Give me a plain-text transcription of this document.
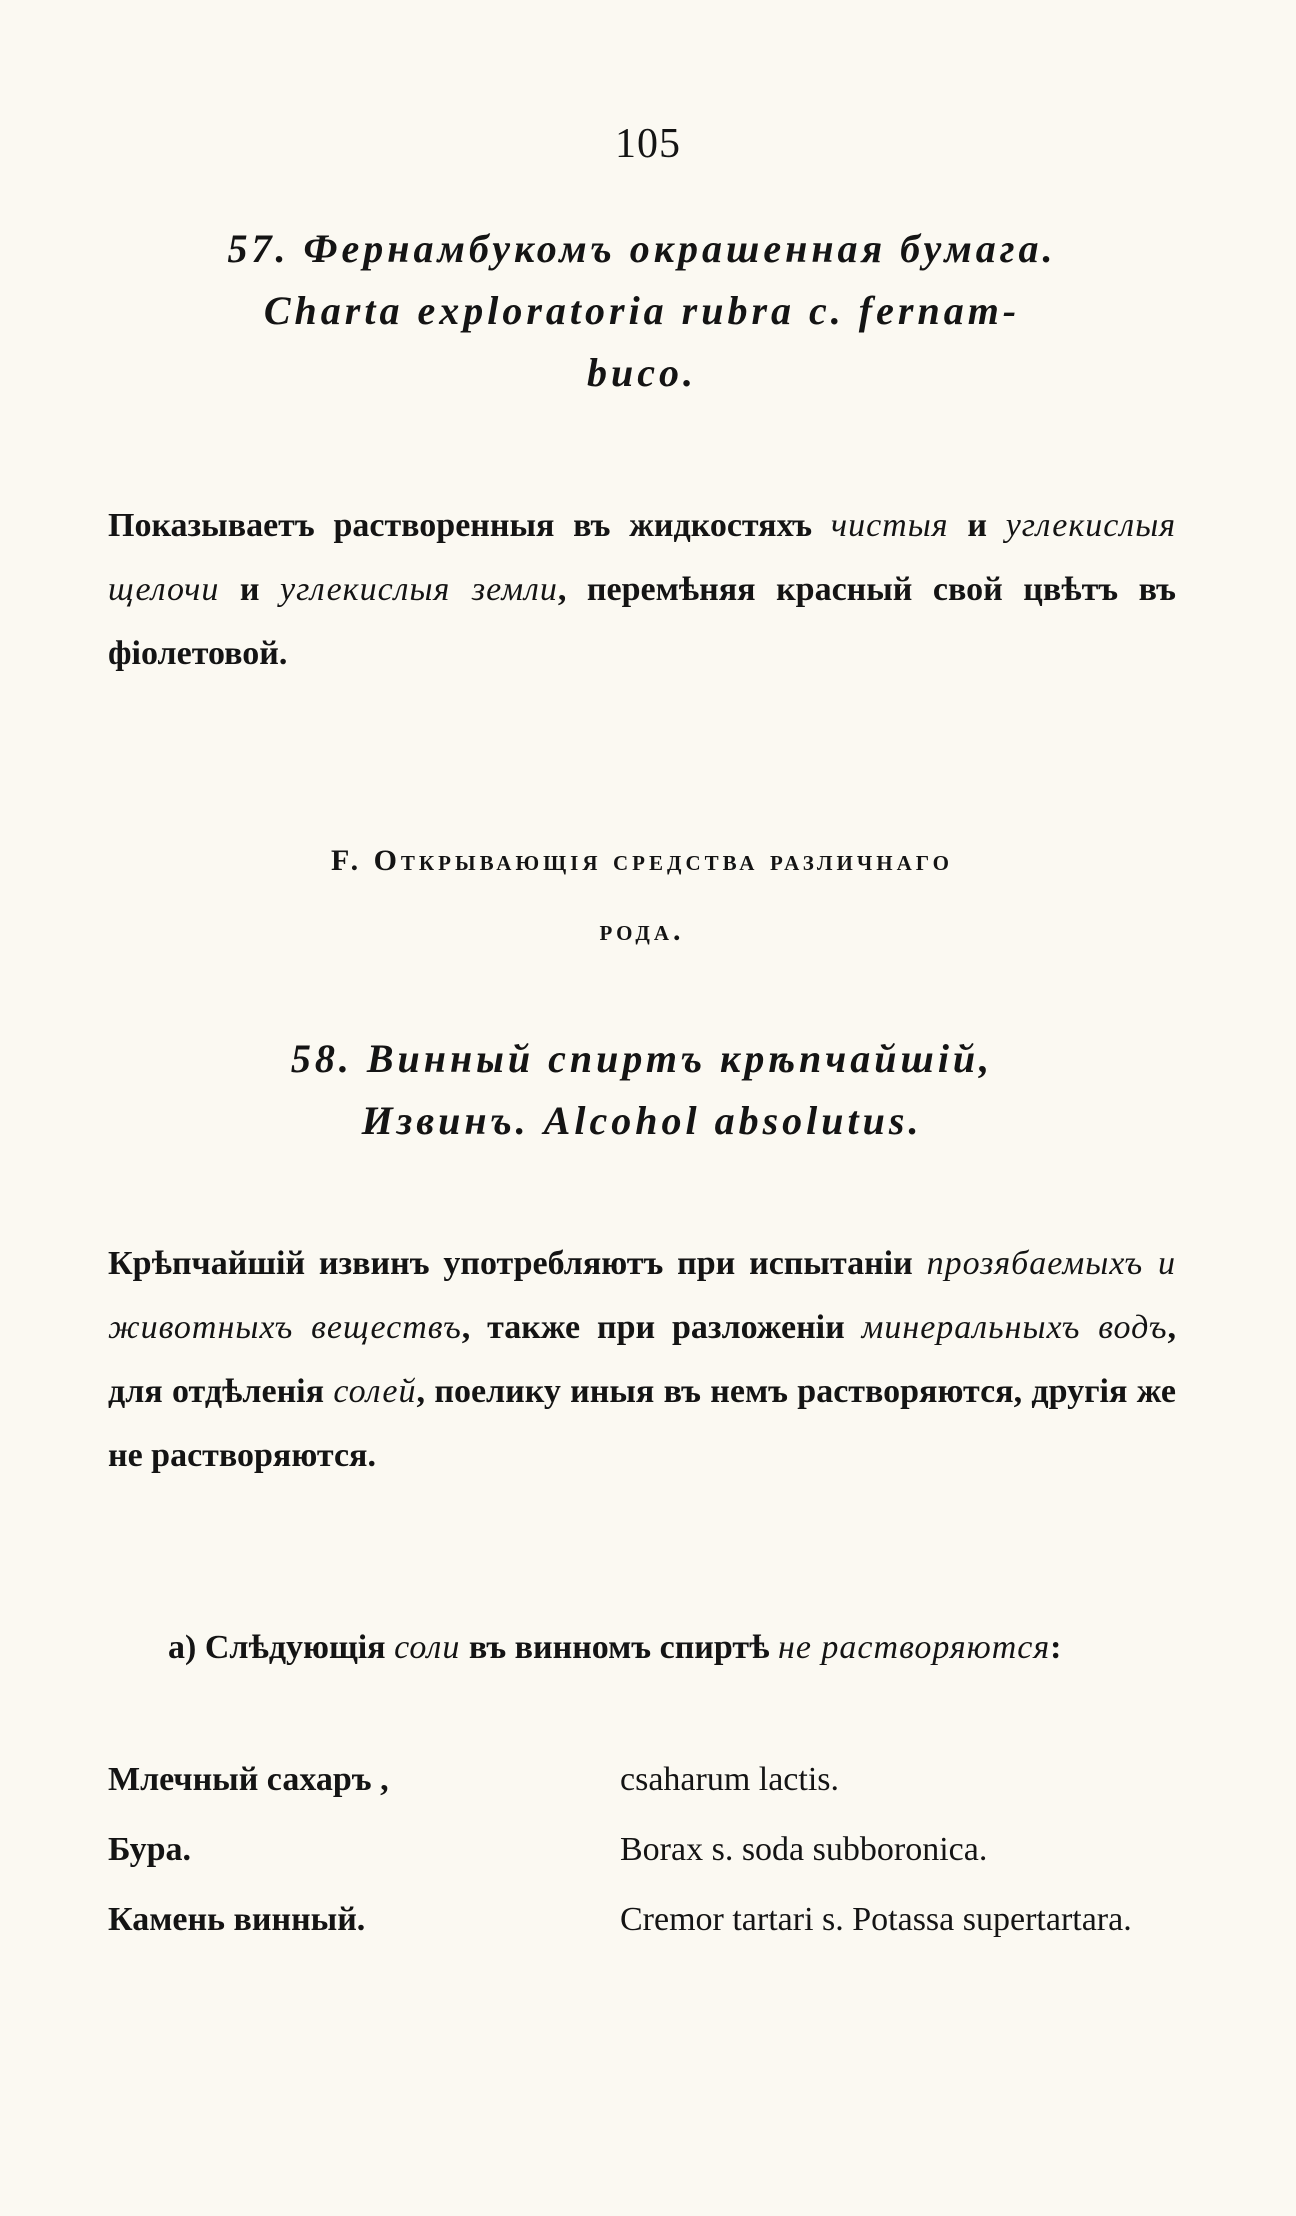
105
57. Фернамбукомъ окрашенная бумага.
Charta exploratoria rubra c. fernam-
buco.
Показываетъ растворенныя въ жидкостяхъ чистыя и углекислыя щелочи и углекислыя земли, перемѣняя красный свой цвѣтъ въ фіолетовой.
F. Открывающія средства различнаго
рода.
58. Винный спиртъ крѣпчайшій,
Извинъ. Alcohol absolutus.
Крѣпчайшій извинъ употребляютъ при испытаніи прозябаемыхъ и животныхъ веществъ, также при разложеніи минеральныхъ водъ, для отдѣленія солей, поелику иныя въ немъ растворяются, другія же не растворяются.
a) Слѣдующія соли въ винномъ спиртѣ не растворяются:
Млечный сахаръ ,	csaharum lactis.
Бура.	Borax s. soda subboronica.
Камень винный.	Cremor tartari s. Potassa supertartara.
